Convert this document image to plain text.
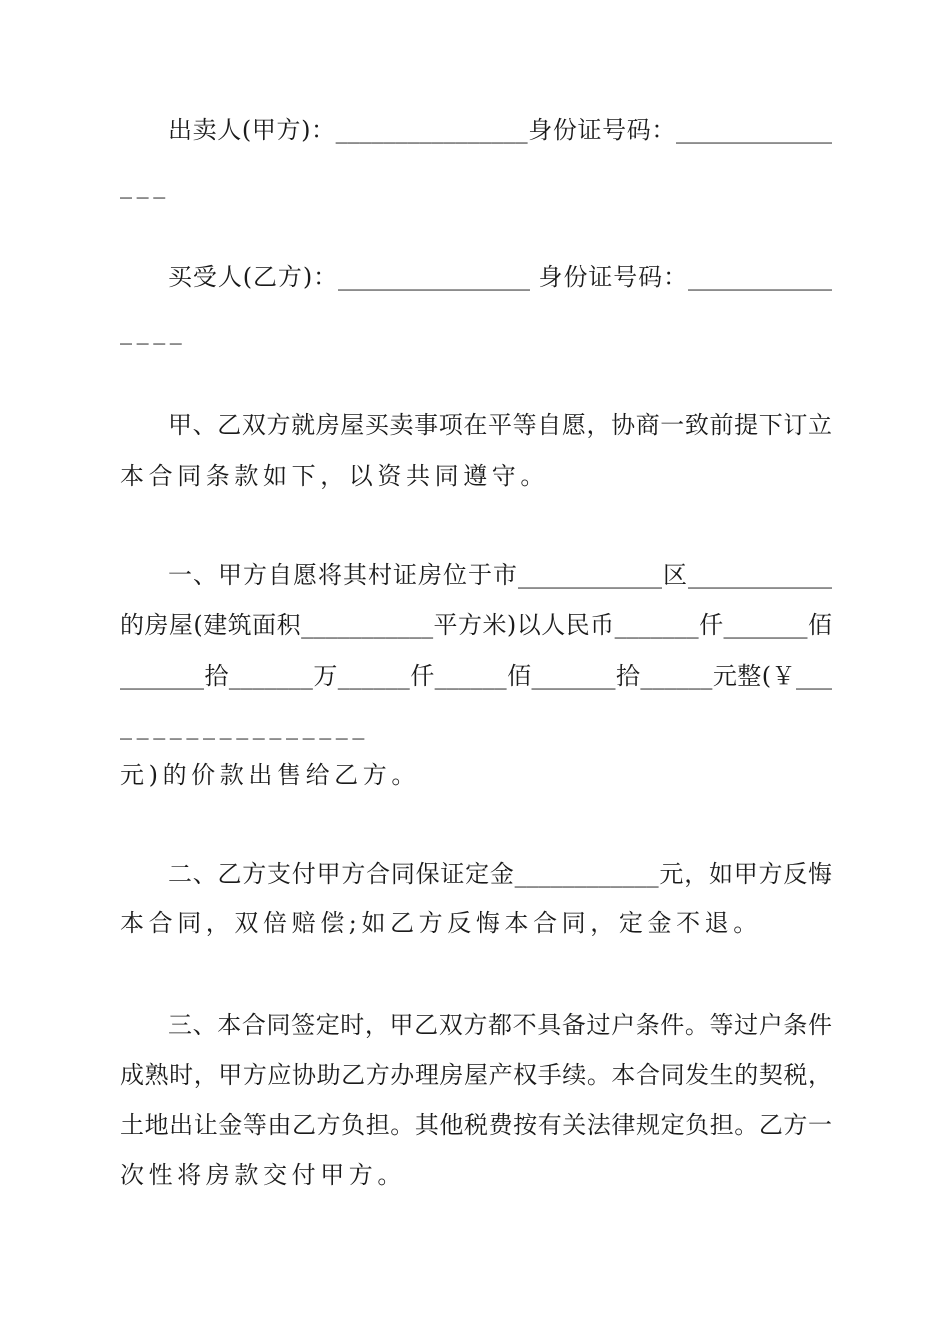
出卖人(甲方)：________________身份证号码：_____________
___
买受人(乙方)：________________ 身份证号码：____________
____
甲、乙双方就房屋买卖事项在平等自愿，协商一致前提下订立
本合同条款如下，以资共同遵守。
一、甲方自愿将其村证房位于市____________区____________
的房屋(建筑面积___________平方米)以人民币_______仟_______佰
_______拾_______万______仟______佰_______拾______元整(￥___
_______________
元)的价款出售给乙方。
二、乙方支付甲方合同保证定金____________元，如甲方反悔
本合同，双倍赔偿;如乙方反悔本合同，定金不退。
三、本合同签定时，甲乙双方都不具备过户条件。等过户条件
成熟时，甲方应协助乙方办理房屋产权手续。本合同发生的契税，
土地出让金等由乙方负担。其他税费按有关法律规定负担。乙方一
次性将房款交付甲方。
